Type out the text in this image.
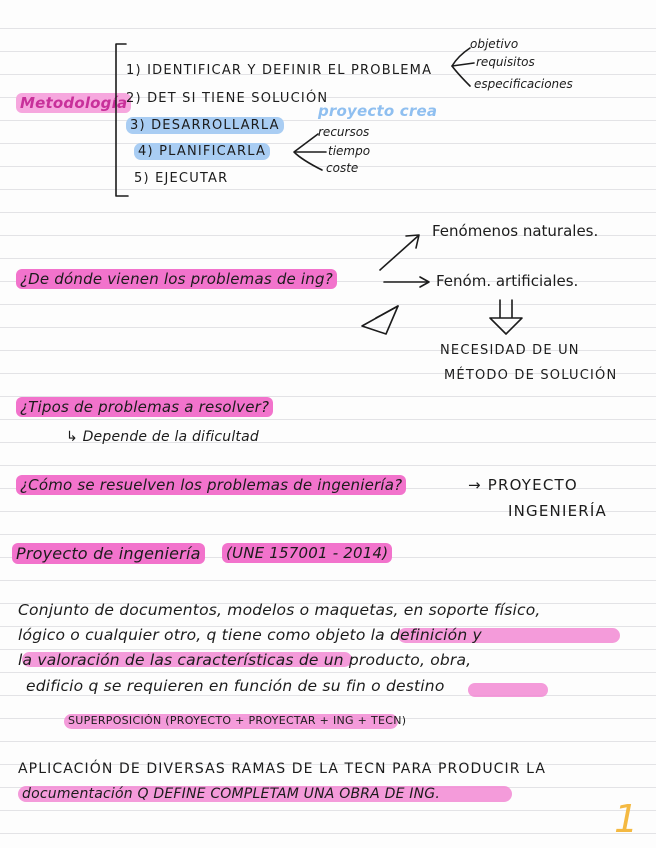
Metodología
1) IDENTIFICAR Y DEFINIR EL PROBLEMA
2) DET SI TIENE SOLUCIÓN
3) DESARROLLARLA
4) PLANIFICARLA
5) EJECUTAR
objetivo
requisitos
especificaciones
proyecto crea
recursos
tiempo
coste
Fenómenos naturales.
¿De dónde vienen los problemas de ing?	Fenóm. artificiales.
NECESIDAD DE UN
MÉTODO DE SOLUCIÓN
¿Tipos de problemas a resolver?
↳ Depende de la dificultad
¿Cómo se resuelven los problemas de ingeniería?	→ PROYECTO
INGENIERÍA
Proyecto de ingeniería (UNE 157001 - 2014)
Conjunto de documentos, modelos o maquetas, en soporte físico,
lógico o cualquier otro, q tiene como objeto la definición y
la valoración de las características de un producto, obra,
edificio q se requieren en función de su fin o destino
SUPERPOSICIÓN (PROYECTO + PROYECTAR + ING + TECN)
APLICACIÓN DE DIVERSAS RAMAS DE LA TECN PARA PRODUCIR LA
documentación Q DEFINE COMPLETAM UNA OBRA DE ING.
1
